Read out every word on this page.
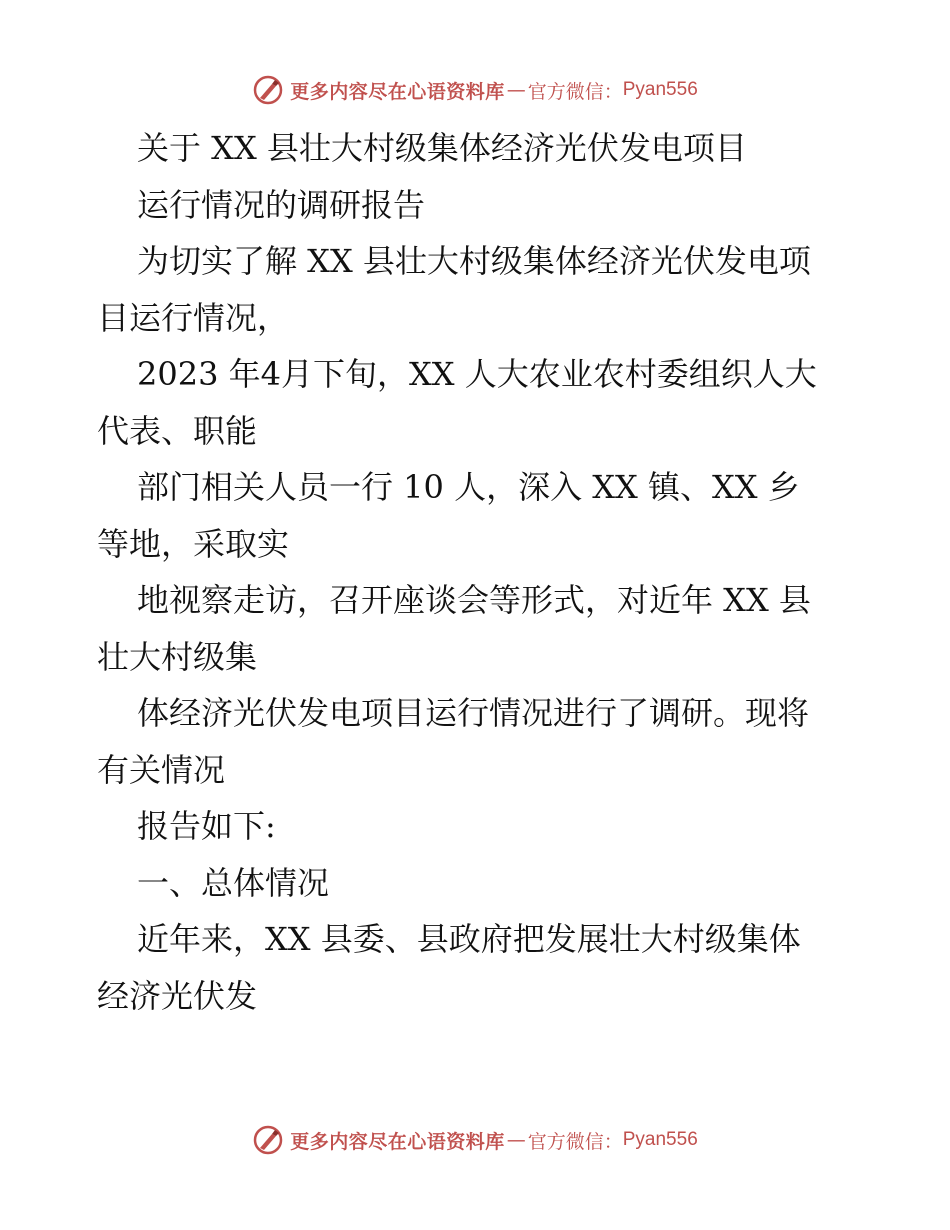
更多内容尽在心语资料库 — 官方微信： Pyan556

关于 XX 县壮大村级集体经济光伏发电项目

运行情况的调研报告

为切实了解 XX 县壮大村级集体经济光伏发电项

目运行情况，

2023 年4月下旬，XX 人大农业农村委组织人大

代表、职能

部门相关人员一行 10 人，深入 XX 镇、XX 乡

等地，采取实

地视察走访，召开座谈会等形式，对近年 XX 县

壮大村级集

体经济光伏发电项目运行情况进行了调研。现将

有关情况

报告如下:

一、总体情况

近年来，XX 县委、县政府把发展壮大村级集体

经济光伏发

更多内容尽在心语资料库 — 官方微信： Pyan556
